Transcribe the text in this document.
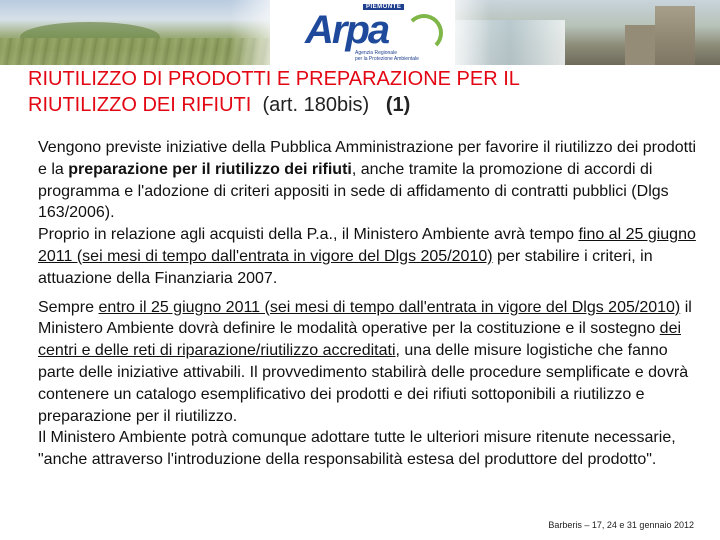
PIEMONTE
Arpa
Agenzia Regionale
per la Protezione Ambientale
RIUTILIZZO DI PRODOTTI E PREPARAZIONE PER IL
RIUTILIZZO DEI RIFIUTI (art. 180bis) (1)

Vengono previste iniziative della Pubblica Amministrazione per favorire il riutilizzo dei prodotti e la preparazione per il riutilizzo dei rifiuti, anche tramite la promozione di accordi di programma e l'adozione di criteri appositi in sede di affidamento di contratti pubblici (Dlgs 163/2006).
Proprio in relazione agli acquisti della P.a., il Ministero Ambiente avrà tempo fino al 25 giugno 2011 (sei mesi di tempo dall'entrata in vigore del Dlgs 205/2010) per stabilire i criteri, in attuazione della Finanziaria 2007.

Sempre entro il 25 giugno 2011 (sei mesi di tempo dall'entrata in vigore del Dlgs 205/2010) il Ministero Ambiente dovrà definire le modalità operative per la costituzione e il sostegno dei centri e delle reti di riparazione/riutilizzo accreditati, una delle misure logistiche che fanno parte delle iniziative attivabili. Il provvedimento stabilirà delle procedure semplificate e dovrà contenere un catalogo esemplificativo dei prodotti e dei rifiuti sottoponibili a riutilizzo e preparazione per il riutilizzo.
Il Ministero Ambiente potrà comunque adottare tutte le ulteriori misure ritenute necessarie, "anche attraverso l'introduzione della responsabilità estesa del produttore del prodotto".

Barberis – 17, 24 e 31 gennaio 2012
